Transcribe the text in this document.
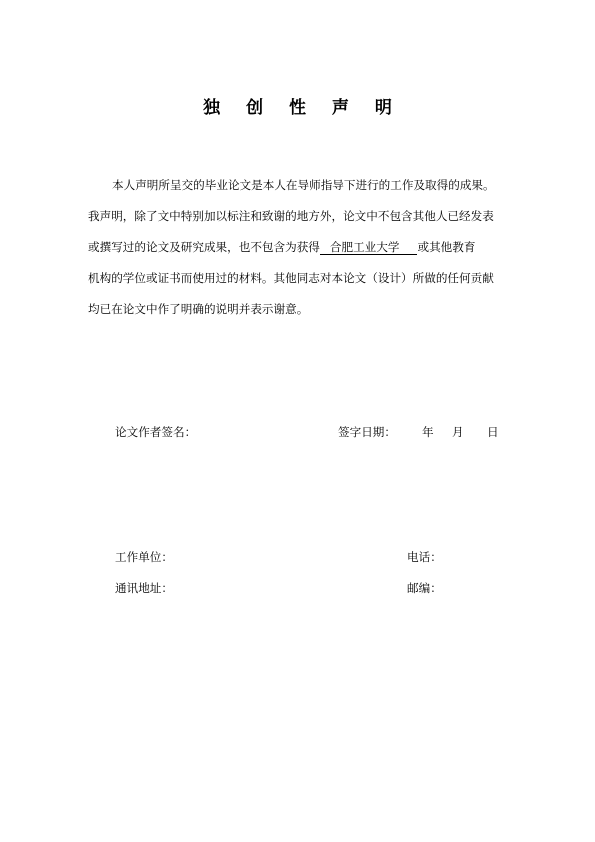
独 创 性 声 明
本人声明所呈交的毕业论文是本人在导师指导下进行的工作及取得的成果。
我声明，除了文中特别加以标注和致谢的地方外，论文中不包含其他人已经发表
或撰写过的论文及研究成果，也不包含为获得 合肥工业大学 或其他教育
机构的学位或证书而使用过的材料。其他同志对本论文（设计）所做的任何贡献
均已在论文中作了明确的说明并表示谢意。
论文作者签名：	签字日期： 年 月 日
工作单位：	电话：
通讯地址：	邮编：
